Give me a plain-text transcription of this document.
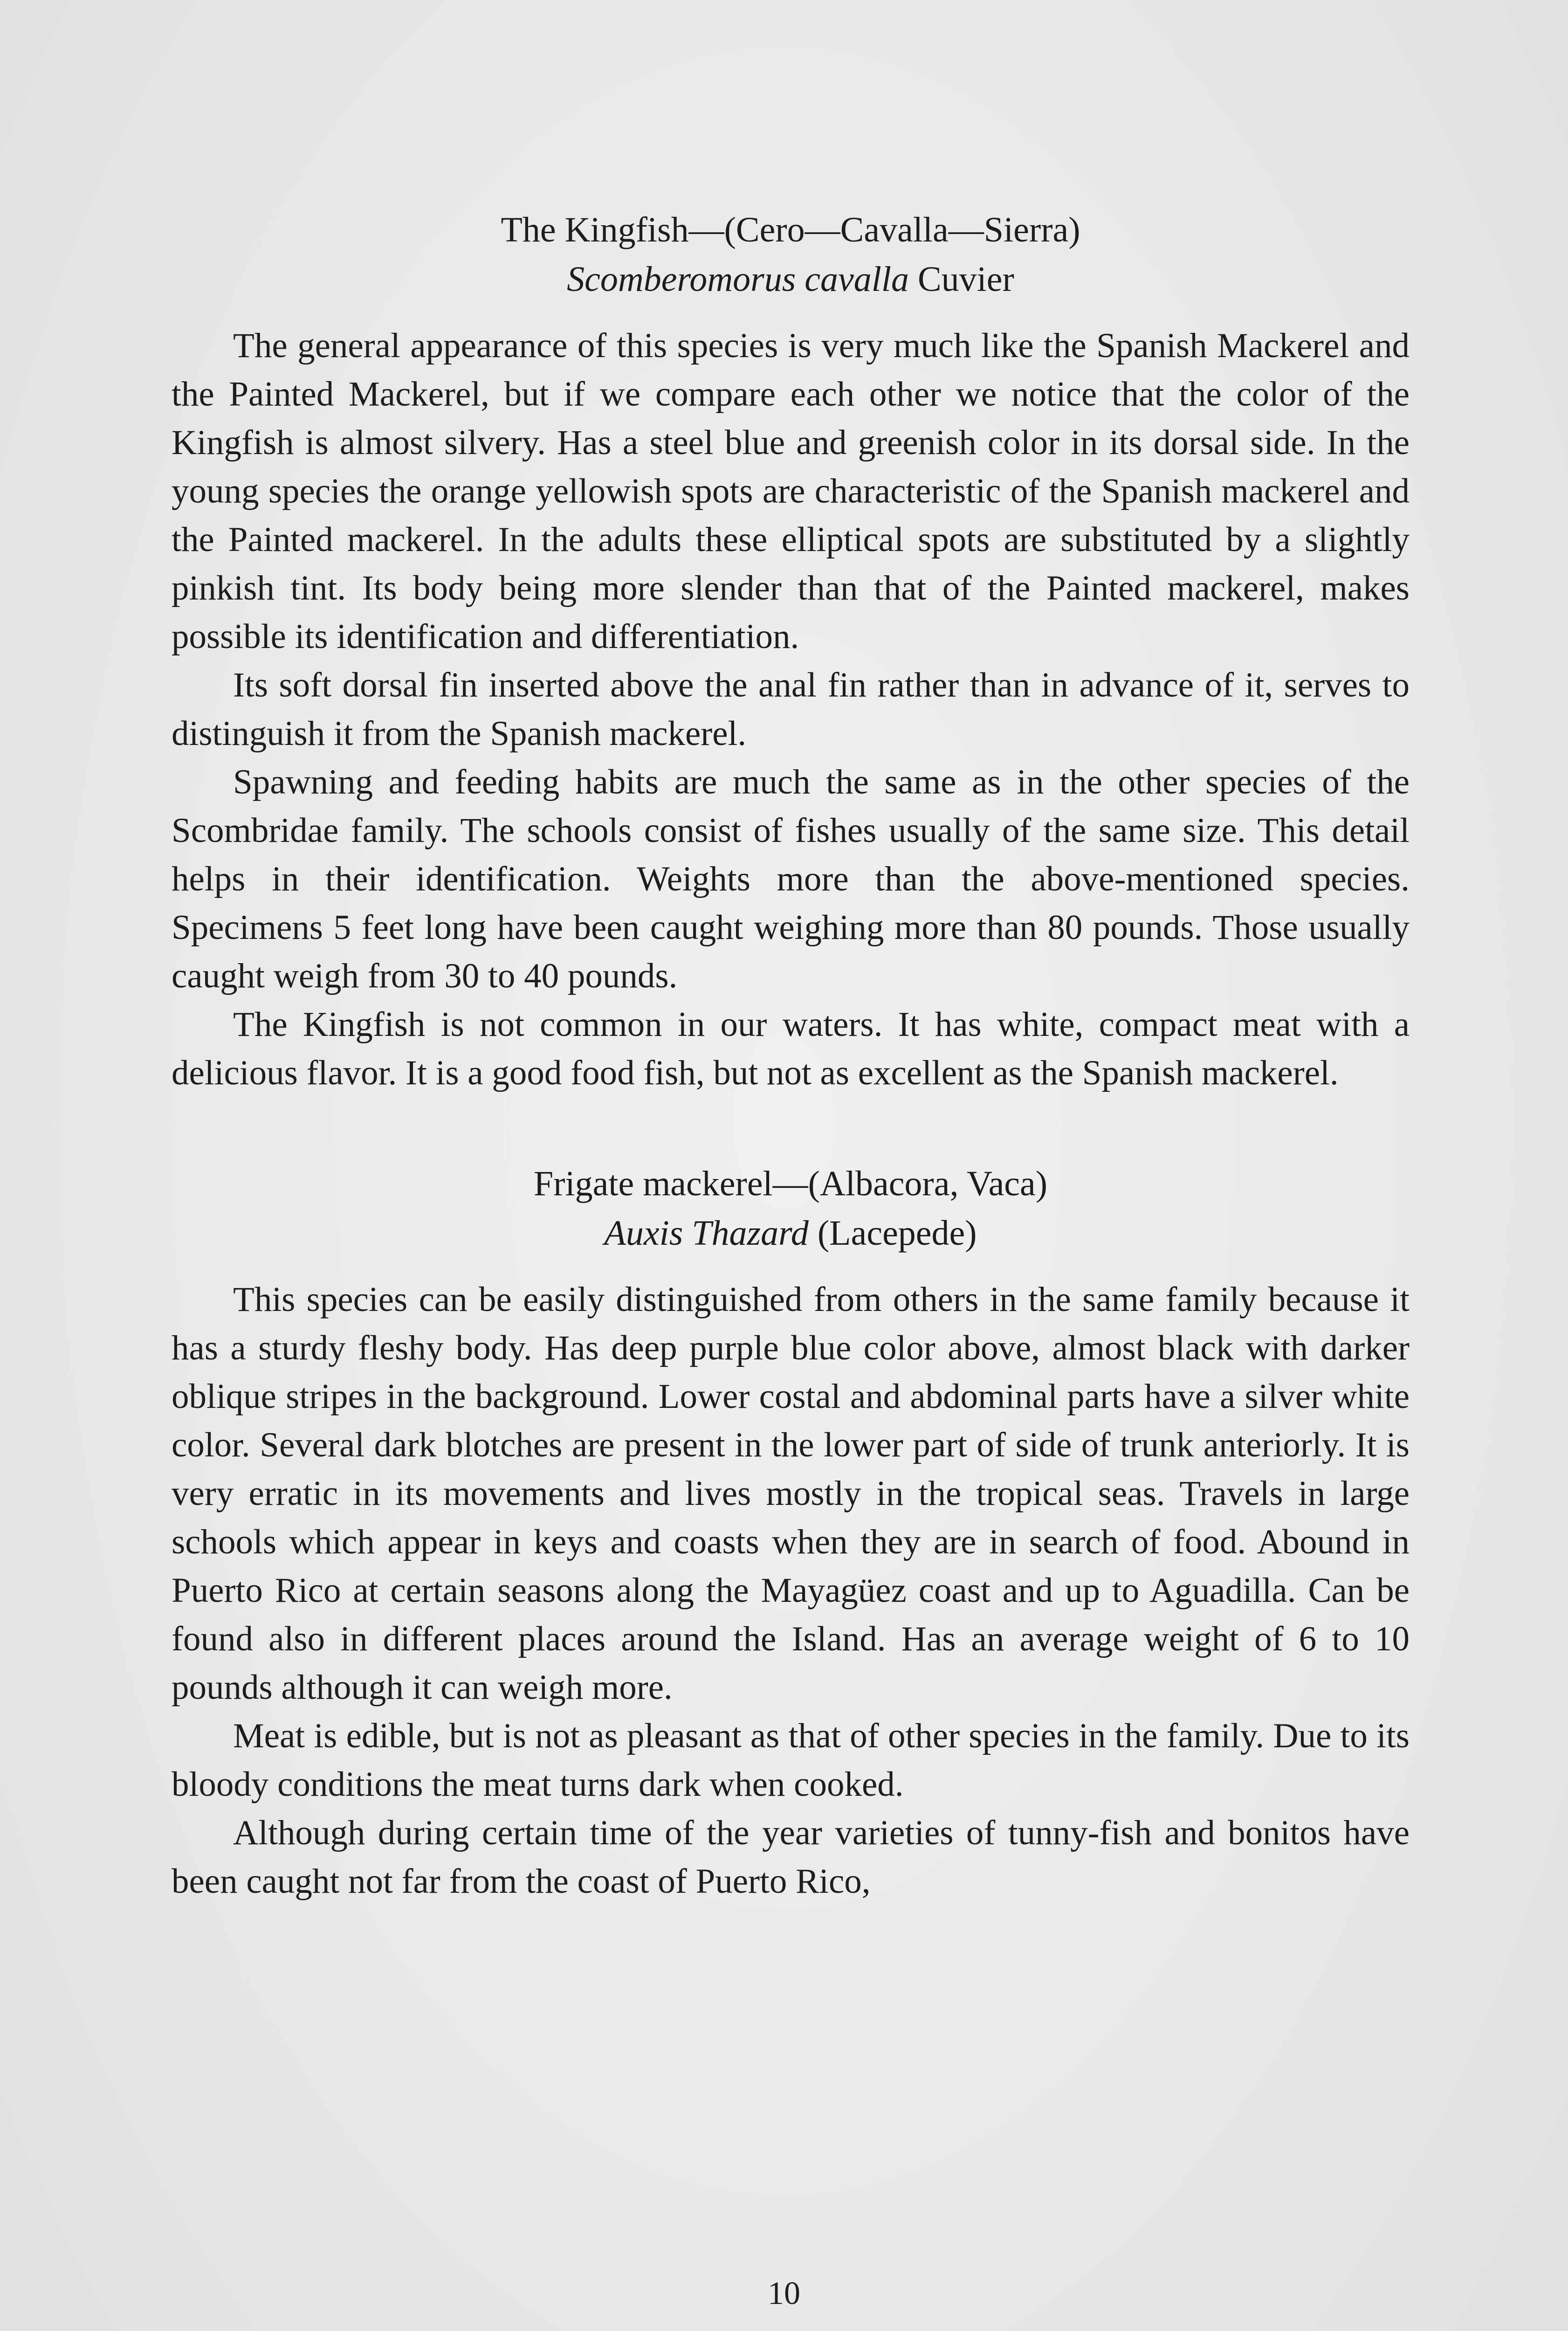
The Kingfish—(Cero—Cavalla—Sierra)
Scomberomorus cavalla Cuvier

The general appearance of this species is very much like the Spanish Mackerel and the Painted Mackerel, but if we compare each other we notice that the color of the Kingfish is almost silvery. Has a steel blue and greenish color in its dorsal side. In the young species the orange yellowish spots are characteristic of the Spanish mackerel and the Painted mackerel. In the adults these elliptical spots are substituted by a slightly pinkish tint. Its body being more slender than that of the Painted mackerel, makes possible its identification and differentiation.

Its soft dorsal fin inserted above the anal fin rather than in advance of it, serves to distinguish it from the Spanish mackerel.

Spawning and feeding habits are much the same as in the other species of the Scombridae family. The schools consist of fishes usually of the same size. This detail helps in their identification. Weights more than the above-mentioned species. Specimens 5 feet long have been caught weighing more than 80 pounds. Those usually caught weigh from 30 to 40 pounds.

The Kingfish is not common in our waters. It has white, compact meat with a delicious flavor. It is a good food fish, but not as excellent as the Spanish mackerel.

Frigate mackerel—(Albacora, Vaca)
Auxis Thazard (Lacepede)

This species can be easily distinguished from others in the same family because it has a sturdy fleshy body. Has deep purple blue color above, almost black with darker oblique stripes in the background. Lower costal and abdominal parts have a silver white color. Several dark blotches are present in the lower part of side of trunk anteriorly. It is very erratic in its movements and lives mostly in the tropical seas. Travels in large schools which appear in keys and coasts when they are in search of food. Abound in Puerto Rico at certain seasons along the Mayagüez coast and up to Aguadilla. Can be found also in different places around the Island. Has an average weight of 6 to 10 pounds although it can weigh more.

Meat is edible, but is not as pleasant as that of other species in the family. Due to its bloody conditions the meat turns dark when cooked.

Although during certain time of the year varieties of tunny-fish and bonitos have been caught not far from the coast of Puerto Rico,

10
